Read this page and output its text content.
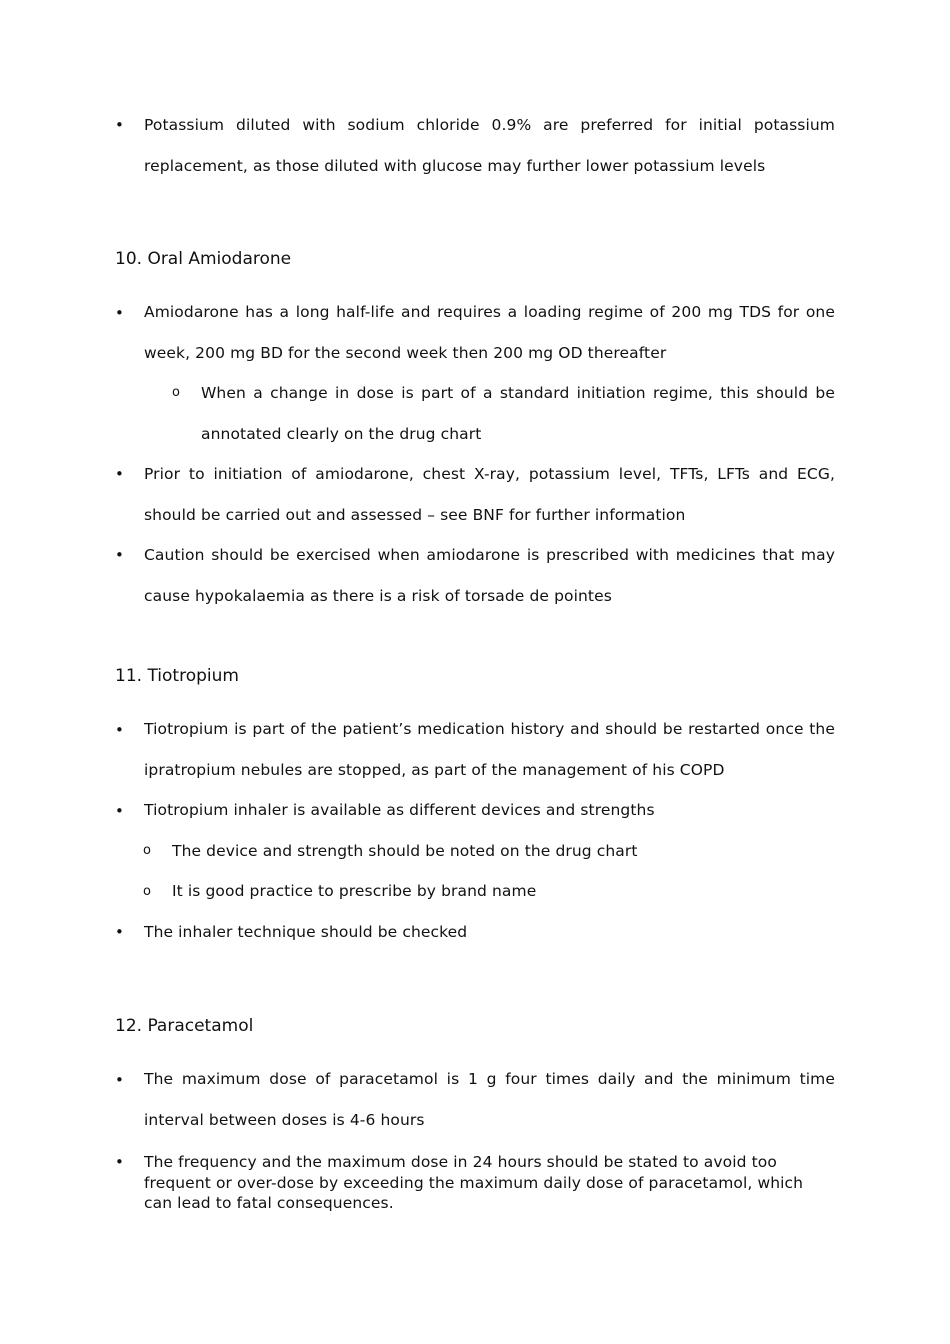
• Potassium diluted with sodium chloride 0.9% are preferred for initial potassium replacement, as those diluted with glucose may further lower potassium levels

10. Oral Amiodarone
• Amiodarone has a long half-life and requires a loading regime of 200 mg TDS for one week, 200 mg BD for the second week then 200 mg OD thereafter

o	When a change in dose is part of a standard initiation regime, this should be annotated clearly on the drug chart

• Prior to initiation of amiodarone, chest X-ray, potassium level, TFTs, LFTs and ECG, should be carried out and assessed – see BNF for further information

• Caution should be exercised when amiodarone is prescribed with medicines that may cause hypokalaemia as there is a risk of torsade de pointes

11. Tiotropium
• Tiotropium is part of the patient’s medication history and should be restarted once the ipratropium nebules are stopped, as part of the management of his COPD

• Tiotropium inhaler is available as different devices and strengths

o	The device and strength should be noted on the drug chart

o	It is good practice to prescribe by brand name

• The inhaler technique should be checked

12. Paracetamol
• The maximum dose of paracetamol is 1 g four times daily and the minimum time interval between doses is 4-6 hours

• The frequency and the maximum dose in 24 hours should be stated to avoid too frequent or over-dose by exceeding the maximum daily dose of paracetamol, which can lead to fatal consequences.
